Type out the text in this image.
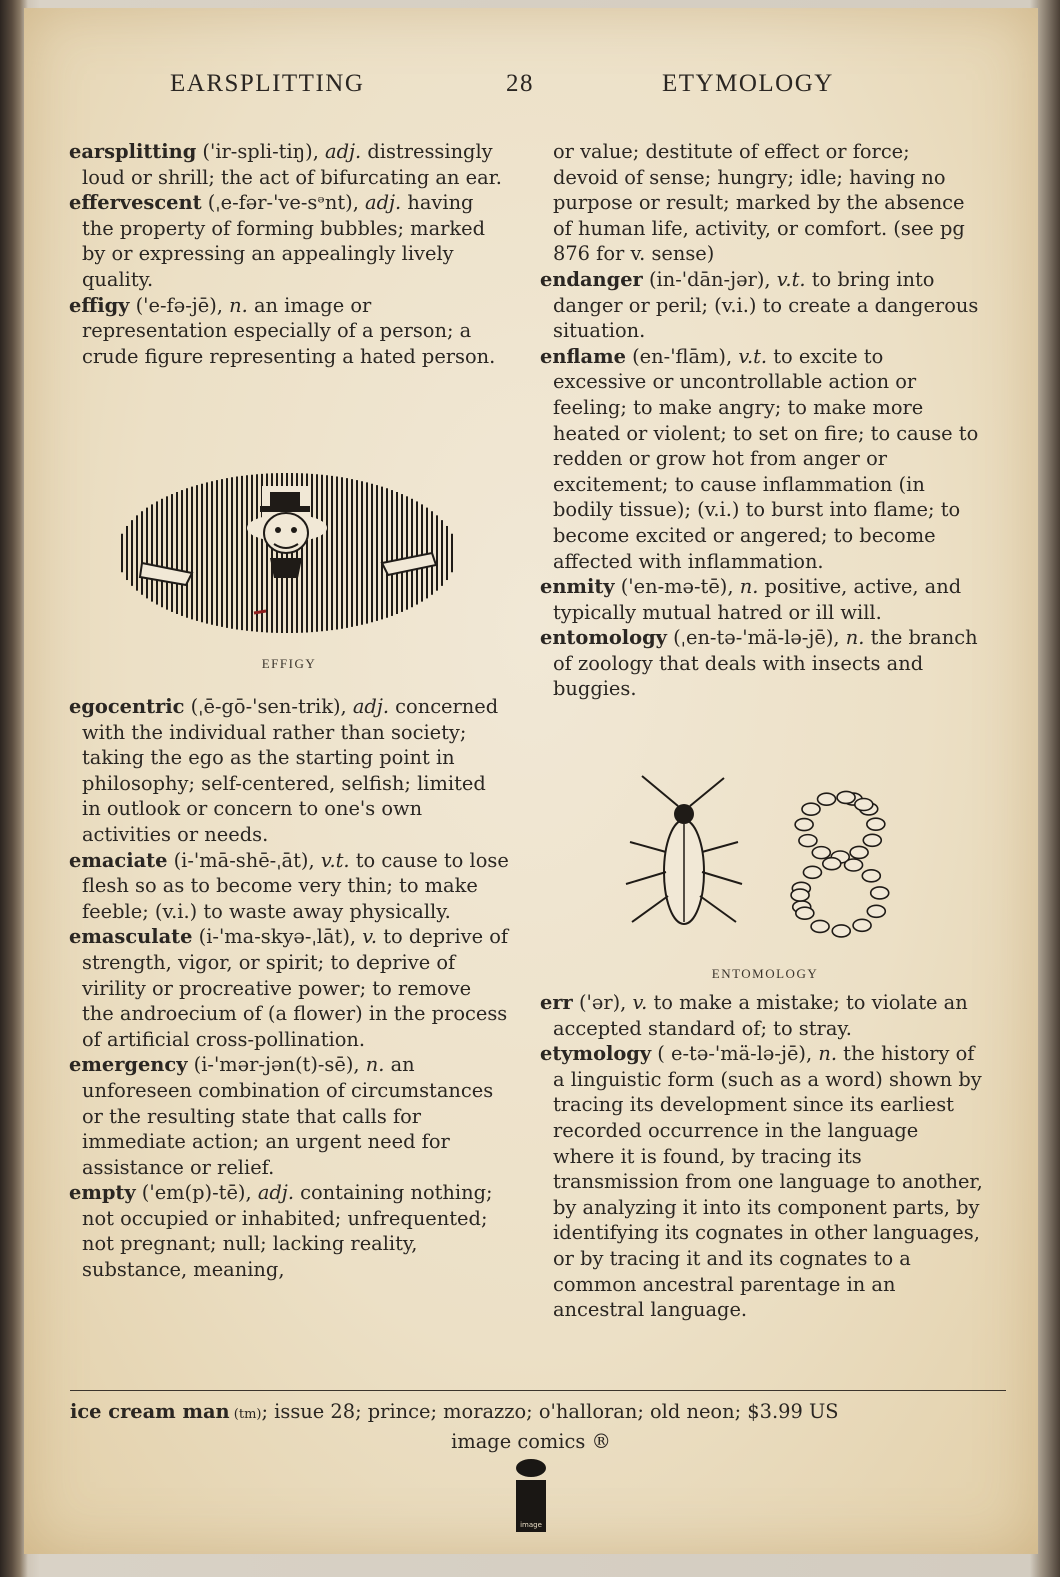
EARSPLITTING	28	ETYMOLOGY

earsplitting ('ir-spli-tiŋ), adj. distressingly loud or shrill; the act of bifurcating an ear.

effervescent (ˌe-fər-'ve-sᵊnt), adj. having the property of forming bubbles; marked by or expressing an appealingly lively quality.

effigy ('e-fə-jē), n. an image or representation especially of a person; a crude figure representing a hated person.

EFFIGY

egocentric (ˌē-gō-'sen-trik), adj. concerned with the individual rather than society; taking the ego as the starting point in philosophy; self-centered, selfish; limited in outlook or concern to one's own activities or needs.

emaciate (i-'mā-shē-ˌāt), v.t. to cause to lose flesh so as to become very thin; to make feeble; (v.i.) to waste away physically.

emasculate (i-'ma-skyə-ˌlāt), v. to deprive of strength, vigor, or spirit; to deprive of virility or procreative power; to remove the androecium of (a flower) in the process of artificial cross-pollination.

emergency (i-'mər-jən(t)-sē), n. an unforeseen combination of circumstances or the resulting state that calls for immediate action; an urgent need for assistance or relief.

empty ('em(p)-tē), adj. containing nothing; not occupied or inhabited; unfrequented; not pregnant; null; lacking reality, substance, meaning,

or value; destitute of effect or force; devoid of sense; hungry; idle; having no purpose or result; marked by the absence of human life, activity, or comfort. (see pg 876 for v. sense)

endanger (in-'dān-jər), v.t. to bring into danger or peril; (v.i.) to create a dangerous situation.

enflame (en-'flām), v.t. to excite to excessive or uncontrollable action or feeling; to make angry; to make more heated or violent; to set on fire; to cause to redden or grow hot from anger or excitement; to cause inflammation (in bodily tissue); (v.i.) to burst into flame; to become excited or angered; to become affected with inflammation.

enmity ('en-mə-tē), n. positive, active, and typically mutual hatred or ill will.

entomology (ˌen-tə-'mä-lə-jē), n. the branch of zoology that deals with insects and buggies.

ENTOMOLOGY

err ('ər), v. to make a mistake; to violate an accepted standard of; to stray.

etymology ( e-tə-'mä-lə-jē), n. the history of a linguistic form (such as a word) shown by tracing its development since its earliest recorded occurrence in the language where it is found, by tracing its transmission from one language to another, by analyzing it into its component parts, by identifying its cognates in other languages, or by tracing it and its cognates to a common ancestral parentage in an ancestral language.

ice cream man (tm); issue 28; prince; morazzo; o'halloran; old neon; $3.99 US
image comics ®
image
